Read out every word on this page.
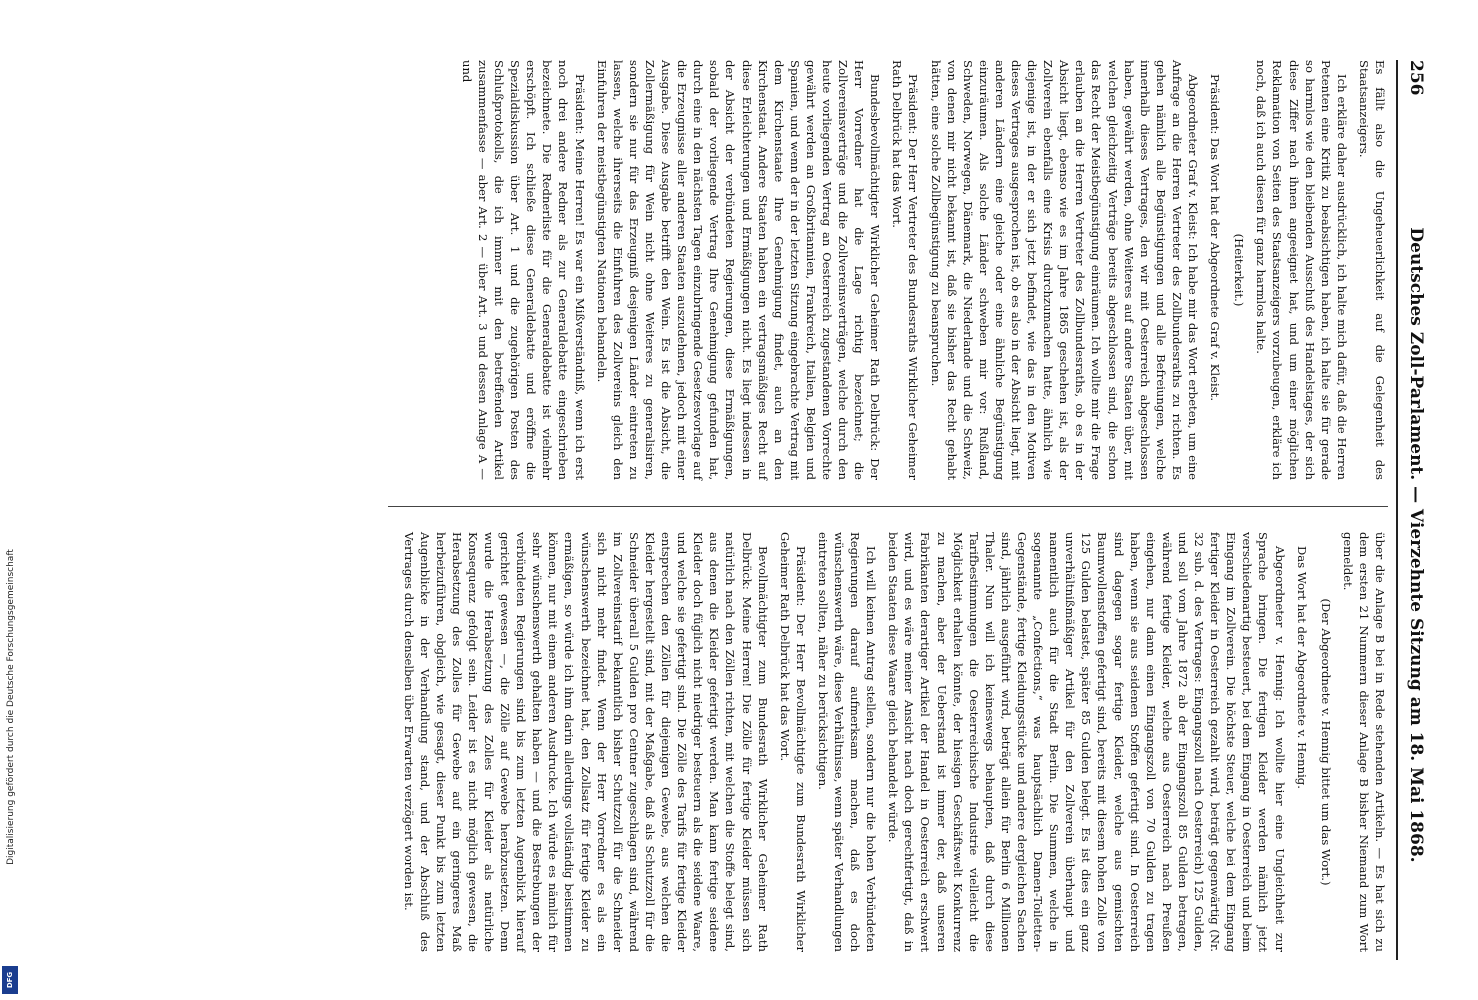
256
Deutsches Zoll-Parlament. — Vierzehnte Sitzung am 18. Mai 1868.

Es fällt also die Ungeheuerlichkeit auf die Gelegenheit des Staatsanzeigers.

Ich erkläre daher ausdrücklich, ich halte mich dafür, daß die Herren Petenten eine Kritik zu beabsichtigen haben, ich halte sie für gerade so harmlos wie den bleibenden Ausschuß des Handelstages, der sich diese Ziffer nach ihnen angeeignet hat, und um einer möglichen Reklamation von Seiten des Staatsanzeigers vorzubeugen, erkläre ich noch, daß ich auch diesen für ganz harmlos halte.

(Heiterkeit.)

Präsident: Das Wort hat der Abgeordnete Graf v. Kleist.

Abgeordneter Graf v. Kleist: Ich habe mir das Wort erbeten, um eine Anfrage an die Herren Vertreter des Zollbundesraths zu richten. Es gehen nämlich alle Begünstigungen und alle Befreiungen, welche innerhalb dieses Vertrages, den wir mit Oesterreich abgeschlossen haben, gewährt werden, ohne Weiteres auf andere Staaten über, mit welchen gleichzeitig Verträge bereits abgeschlossen sind, die schon das Recht der Meistbegünstigung einräumen. Ich wollte mir die Frage erlauben an die Herren Vertreter des Zollbundesraths, ob es in der Absicht liegt, ebenso wie es im Jahre 1865 geschehen ist, als der Zollverein ebenfalls eine Krisis durchzumachen hatte, ähnlich wie diejenige ist, in der er sich jetzt befindet, wie das in den Motiven dieses Vertrages ausgesprochen ist, ob es also in der Absicht liegt, mit anderen Ländern eine gleiche oder eine ähnliche Begünstigung einzuräumen. Als solche Länder schweben mir vor: Rußland, Schweden, Norwegen, Dänemark, die Niederlande und die Schweiz, von denen mir nicht bekannt ist, daß sie bisher das Recht gehabt hätten, eine solche Zollbegünstigung zu beanspruchen.

Präsident: Der Herr Vertreter des Bundesraths Wirklicher Geheimer Rath Delbrück hat das Wort.

Bundesbevollmächtigter Wirklicher Geheimer Rath Delbrück: Der Herr Vorredner hat die Lage richtig bezeichnet; die Zollvereinsverträge und die Zollvereinsverträgen, welche durch den heute vorliegenden Vertrag an Oesterreich zugestandenen Vorrechte gewährt werden an Großbritannien, Frankreich, Italien, Belgien und Spanien, und wenn der in der letzten Sitzung eingebrachte Vertrag mit dem Kirchenstaate Ihre Genehmigung findet, auch an den Kirchenstaat. Andere Staaten haben ein vertragsmäßiges Recht auf diese Erleichterungen und Ermäßigungen nicht. Es liegt indessen in der Absicht der verbündeten Regierungen, diese Ermäßigungen, sobald der vorliegende Vertrag Ihre Genehmigung gefunden hat, durch eine in den nächsten Tagen einzubringende Gesetzesvorlage auf die Erzeugnisse aller anderen Staaten auszudehnen, jedoch mit einer Ausgabe. Diese Ausgabe betrifft den Wein. Es ist die Absicht, die Zollermäßigung für Wein nicht ohne Weiteres zu generalisiren, sondern sie nur für das Erzeugniß desjenigen Länder eintreten zu lassen, welche ihrerseits die Einfuhren des Zollvereins gleich den Einfuhren der meistbegünstigten Nationen behandeln.

Präsident: Meine Herren! Es war ein Mißverständniß, wenn ich erst noch drei andere Redner als zur Generaldebatte eingeschrieben bezeichnete. Die Rednerliste für die Generaldebatte ist vielmehr erschöpft. Ich schließe diese Generaldebatte und eröffne die Spezialdiskussion über Art. 1 und die zugehörigen Posten des Schlußprotokolls, die ich immer mit den betreffenden Artikel zusammenfasse — aber Art. 2 — über Art. 3 und dessen Anlage A — und

über die Anlage B bei in Rede stehenden Artikeln. — Es hat sich zu dem ersten 21 Nummern dieser Anlage B bisher Niemand zum Wort gemeldet.

(Der Abgeordnete v. Hennig bittet um das Wort.)

Das Wort hat der Abgeordnete v. Hennig.

Abgeordneter v. Hennig: Ich wollte hier eine Ungleichheit zur Sprache bringen. Die fertigen Kleider werden nämlich jetzt verschiedenartig besteuert, bei dem Eingang in Oesterreich und beim Eingang im Zollverein. Die höchste Steuer, welche bei dem Eingang fertiger Kleider in Oesterreich gezahlt wird, beträgt gegenwärtig (Nr. 32 sub. d. des Vertrages: Eingangszoll nach Oesterreich) 125 Gulden, und soll vom Jahre 1872 ab der Eingangszoll 85 Gulden betragen, während fertige Kleider, welche aus Oesterreich nach Preußen eingehen, nur dann einen Eingangszoll von 70 Gulden zu tragen haben, wenn sie aus seidenen Stoffen gefertigt sind. In Oesterreich sind dagegen sogar fertige Kleider, welche aus gemischten Baumwollenstoffen gefertigt sind, bereits mit diesem hohen Zolle von 125 Gulden belastet, später 85 Gulden belegt. Es ist dies ein ganz unverhältnißmäßiger Artikel für den Zollverein überhaupt und namentlich auch für die Stadt Berlin. Die Summen, welche in sogenannte „Confections,“ was hauptsächlich Damen-Toiletten-Gegenstände, fertige Kleidungsstücke und andere dergleichen Sachen sind, jährlich ausgeführt wird, beträgt allein für Berlin 6 Millionen Thaler. Nun will ich keineswegs behaupten, daß durch diese Tarifbestimmungen die Oesterreichische Industrie vielleicht die Möglichkeit erhalten könnte, der hiesigen Geschäftswelt Konkurrenz zu machen, aber der Ueberstand ist immer der, daß unseren Fabrikanten derartiger Artikel der Handel in Oesterreich erschwert wird, und es wäre meiner Ansicht nach doch gerechtfertigt, daß in beiden Staaten diese Waare gleich behandelt würde.

Ich will keinen Antrag stellen, sondern nur die hohen Verbündeten Regierungen darauf aufmerksam machen, daß es doch wünschenswerth wäre, diese Verhältnisse, wenn später Verhandlungen eintreten sollten, näher zu berücksichtigen.

Präsident: Der Herr Bevollmächtigte zum Bundesrath Wirklicher Geheimer Rath Delbrück hat das Wort.

Bevollmächtigter zum Bundesrath Wirklicher Geheimer Rath Delbrück: Meine Herren! Die Zölle für fertige Kleider müssen sich natürlich nach den Zöllen richten, mit welchen die Stoffe belegt sind, aus denen die Kleider gefertigt werden. Man kann fertige seidene Kleider doch füglich nicht niedriger besteuern als die seidene Waare, und welche sie gefertigt sind. Die Zölle des Tarifs für fertige Kleider entsprechen den Zöllen für diejenigen Gewebe, aus welchen die Kleider hergestellt sind, mit der Maßgabe, daß als Schutzzoll für die Schneider überall 5 Gulden pro Centner zugeschlagen sind, während im Zollvereinstarif bekanntlich bisher Schutzzoll für die Schneider sich nicht mehr findet. Wenn der Herr Vorredner es als ein wünschenswerth bezeichnet hat, den Zollsatz für fertige Kleider zu ermäßigen, so würde ich ihm darin allerdings vollständig beistimmen können, nur mit einem anderen Ausdrucke. Ich würde es nämlich für sehr wünschenswerth gehalten haben — und die Bestrebungen der verbündeten Regierungen sind bis zum letzten Augenblick hierauf gerichtet gewesen —, die Zölle auf Gewebe herabzusetzen. Denn wurde die Herabsetzung des Zolles für Kleider als natürliche Konsequenz gefolgt sein. Leider ist es nicht möglich gewesen, die Herabsetzung des Zolles für Gewebe auf ein geringeres Maß herbeizuführen, obgleich, wie gesagt, dieser Punkt bis zum letzten Augenblicke in der Verhandlung stand, und der Abschluß des Vertrages durch denselben über Erwarten verzögert worden ist.

Digitalisierung gefördert durch die Deutsche Forschungsgemeinschaft
DFG
